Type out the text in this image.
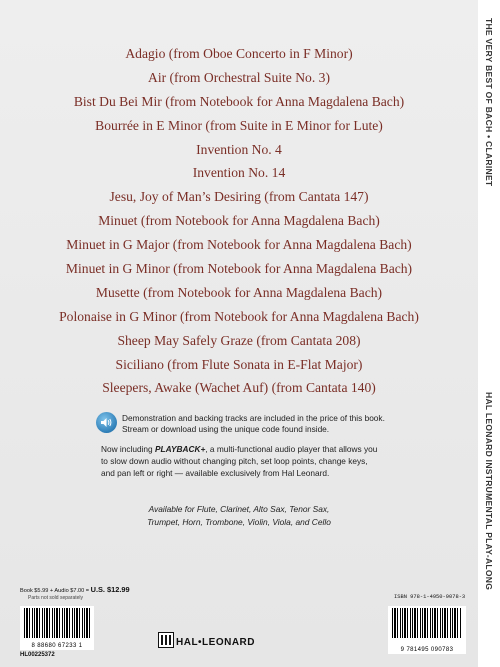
THE VERY BEST OF BACH • CLARINET
HAL LEONARD INSTRUMENTAL PLAY-ALONG
Adagio (from Oboe Concerto in F Minor)
Air (from Orchestral Suite No. 3)
Bist Du Bei Mir (from Notebook for Anna Magdalena Bach)
Bourrée in E Minor (from Suite in E Minor for Lute)
Invention No. 4
Invention No. 14
Jesu, Joy of Man’s Desiring (from Cantata 147)
Minuet (from Notebook for Anna Magdalena Bach)
Minuet in G Major (from Notebook for Anna Magdalena Bach)
Minuet in G Minor (from Notebook for Anna Magdalena Bach)
Musette (from Notebook for Anna Magdalena Bach)
Polonaise in G Minor (from Notebook for Anna Magdalena Bach)
Sheep May Safely Graze (from Cantata 208)
Siciliano (from Flute Sonata in E-Flat Major)
Sleepers, Awake (Wachet Auf) (from Cantata 140)
Demonstration and backing tracks are included in the price of this book.
Stream or download using the unique code found inside.
Now including PLAYBACK+, a multi-functional audio player that allows you
to slow down audio without changing pitch, set loop points, change keys,
and pan left or right — available exclusively from Hal Leonard.
Available for Flute, Clarinet, Alto Sax, Tenor Sax,
Trumpet, Horn, Trombone, Violin, Viola, and Cello
Book $5.99 + Audio $7.00 = U.S. $12.99
Parts not sold separately
8 88680 67233 1
ISBN 978-1-4950-9078-3
9 781495 090783
HL00225372
HAL•LEONARD
